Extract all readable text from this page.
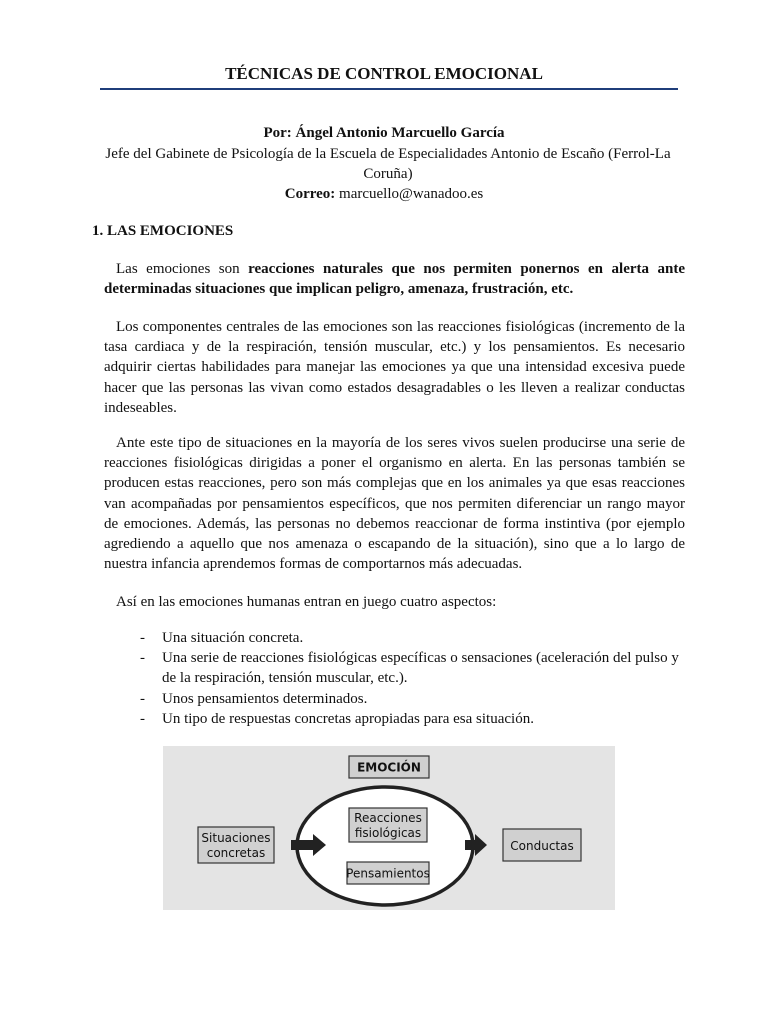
TÉCNICAS DE CONTROL EMOCIONAL
Por: Ángel Antonio Marcuello García
Jefe del Gabinete de Psicología de la Escuela de Especialidades Antonio de Escaño (Ferrol-La Coruña)
Correo: marcuello@wanadoo.es
1. LAS EMOCIONES

Las emociones son reacciones naturales que nos permiten ponernos en alerta ante determinadas situaciones que implican peligro, amenaza, frustración, etc.

Los componentes centrales de las emociones son las reacciones fisiológicas (incremento de la tasa cardiaca y de la respiración, tensión muscular, etc.) y los pensamientos. Es necesario adquirir ciertas habilidades para manejar las emociones ya que una intensidad excesiva puede hacer que las personas las vivan como estados desagradables o les lleven a realizar conductas indeseables.

Ante este tipo de situaciones en la mayoría de los seres vivos suelen producirse una serie de reacciones fisiológicas dirigidas a poner el organismo en alerta. En las personas también se producen estas reacciones, pero son más complejas que en los animales ya que esas reacciones van acompañadas por pensamientos específicos, que nos permiten diferenciar un rango mayor de emociones. Además, las personas no debemos reaccionar de forma instintiva (por ejemplo agrediendo a aquello que nos amenaza o escapando de la situación), sino que a lo largo de nuestra infancia aprendemos formas de comportarnos más adecuadas.

Así en las emociones humanas entran en juego cuatro aspectos:

- Una situación concreta.
- Una serie de reacciones fisiológicas específicas o sensaciones (aceleración del pulso y de la respiración, tensión muscular, etc.).
- Unos pensamientos determinados.
- Un tipo de respuestas concretas apropiadas para esa situación.
EMOCIÓN
Reacciones
fisiológicas
Pensamientos
Situaciones
concretas	Conductas
